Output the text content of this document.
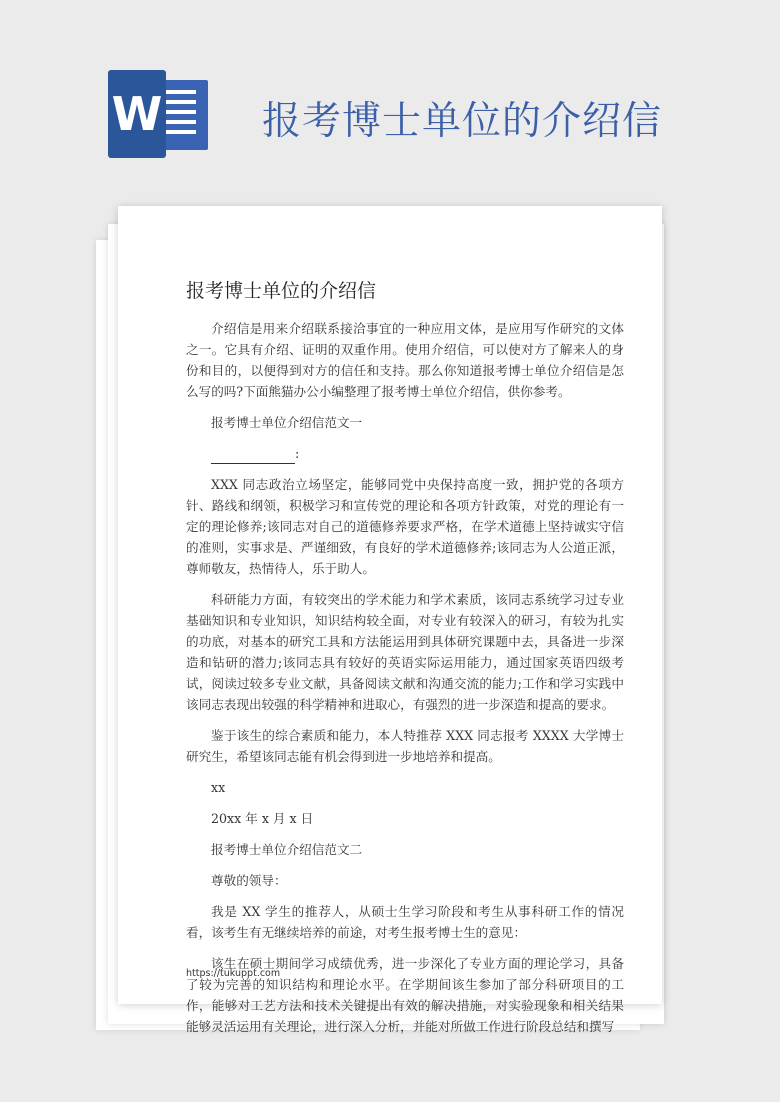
W	报考博士单位的介绍信
报考博士单位的介绍信

介绍信是用来介绍联系接洽事宜的一种应用文体，是应用写作研究的文体之一。它具有介绍、证明的双重作用。使用介绍信，可以使对方了解来人的身份和目的，以便得到对方的信任和支持。那么你知道报考博士单位介绍信是怎么写的吗?下面熊猫办公小编整理了报考博士单位介绍信，供你参考。

报考博士单位介绍信范文一

:

XXX 同志政治立场坚定，能够同党中央保持高度一致，拥护党的各项方针、路线和纲领，积极学习和宣传党的理论和各项方针政策，对党的理论有一定的理论修养;该同志对自己的道德修养要求严格，在学术道德上坚持诚实守信的准则，实事求是、严谨细致，有良好的学术道德修养;该同志为人公道正派，尊师敬友，热情待人，乐于助人。

科研能力方面，有较突出的学术能力和学术素质，该同志系统学习过专业基础知识和专业知识，知识结构较全面，对专业有较深入的研习，有较为扎实的功底，对基本的研究工具和方法能运用到具体研究课题中去，具备进一步深造和钻研的潜力;该同志具有较好的英语实际运用能力，通过国家英语四级考试，阅读过较多专业文献，具备阅读文献和沟通交流的能力;工作和学习实践中该同志表现出较强的科学精神和进取心，有强烈的进一步深造和提高的要求。

鉴于该生的综合素质和能力，本人特推荐 XXX 同志报考 XXXX 大学博士研究生，希望该同志能有机会得到进一步地培养和提高。

xx

20xx 年 x 月 x 日

报考博士单位介绍信范文二

尊敬的领导：

我是 XX 学生的推荐人，从硕士生学习阶段和考生从事科研工作的情况看，该考生有无继续培养的前途，对考生报考博士生的意见：

该生在硕士期间学习成绩优秀，进一步深化了专业方面的理论学习，具备了较为完善的知识结构和理论水平。在学期间该生参加了部分科研项目的工作，能够对工艺方法和技术关键提出有效的解决措施，对实验现象和相关结果能够灵活运用有关理论，进行深入分析，并能对所做工作进行阶段总结和撰写

https://tukuppt.com
